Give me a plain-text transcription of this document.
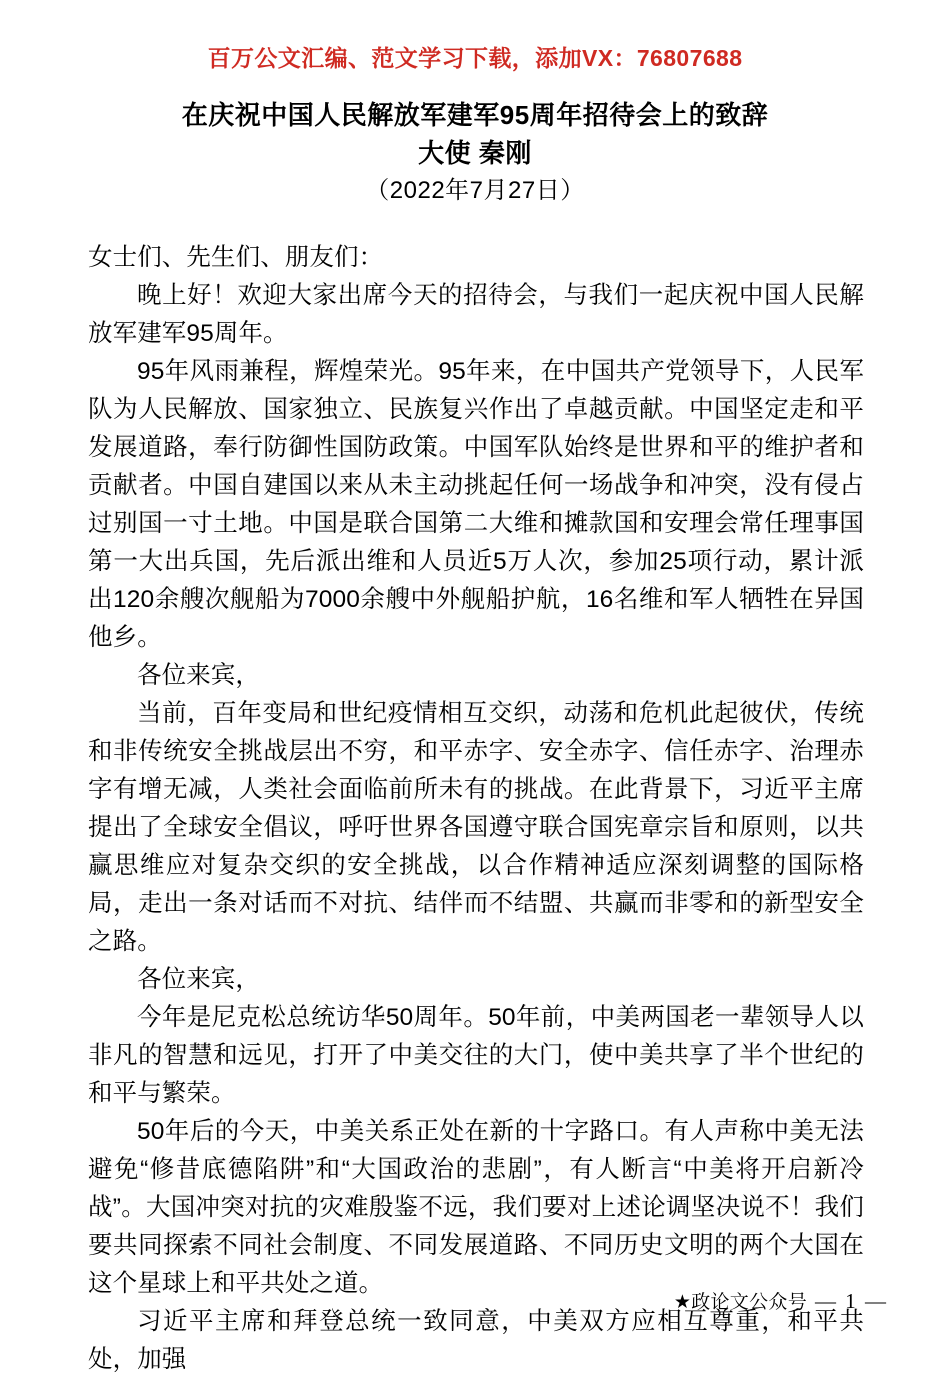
百万公文汇编、范文学习下载，添加VX：76807688
在庆祝中国人民解放军建军95周年招待会上的致辞
大使 秦刚
（2022年7月27日）

女士们、先生们、朋友们：

晚上好！欢迎大家出席今天的招待会，与我们一起庆祝中国人民解放军建军95周年。

95年风雨兼程，辉煌荣光。95年来，在中国共产党领导下，人民军队为人民解放、国家独立、民族复兴作出了卓越贡献。中国坚定走和平发展道路，奉行防御性国防政策。中国军队始终是世界和平的维护者和贡献者。中国自建国以来从未主动挑起任何一场战争和冲突，没有侵占过别国一寸土地。中国是联合国第二大维和摊款国和安理会常任理事国第一大出兵国，先后派出维和人员近5万人次，参加25项行动，累计派出120余艘次舰船为7000余艘中外舰船护航，16名维和军人牺牲在异国他乡。

各位来宾，

当前，百年变局和世纪疫情相互交织，动荡和危机此起彼伏，传统和非传统安全挑战层出不穷，和平赤字、安全赤字、信任赤字、治理赤字有增无减，人类社会面临前所未有的挑战。在此背景下，习近平主席提出了全球安全倡议，呼吁世界各国遵守联合国宪章宗旨和原则，以共赢思维应对复杂交织的安全挑战，以合作精神适应深刻调整的国际格局，走出一条对话而不对抗、结伴而不结盟、共赢而非零和的新型安全之路。

各位来宾，

今年是尼克松总统访华50周年。50年前，中美两国老一辈领导人以非凡的智慧和远见，打开了中美交往的大门，使中美共享了半个世纪的和平与繁荣。

50年后的今天，中美关系正处在新的十字路口。有人声称中美无法避免“修昔底德陷阱”和“大国政治的悲剧”，有人断言“中美将开启新冷战”。大国冲突对抗的灾难殷鉴不远，我们要对上述论调坚决说不！我们要共同探索不同社会制度、不同发展道路、不同历史文明的两个大国在这个星球上和平共处之道。

习近平主席和拜登总统一致同意，中美双方应相互尊重，和平共处，加强

★政论文公众号 — 1 —
